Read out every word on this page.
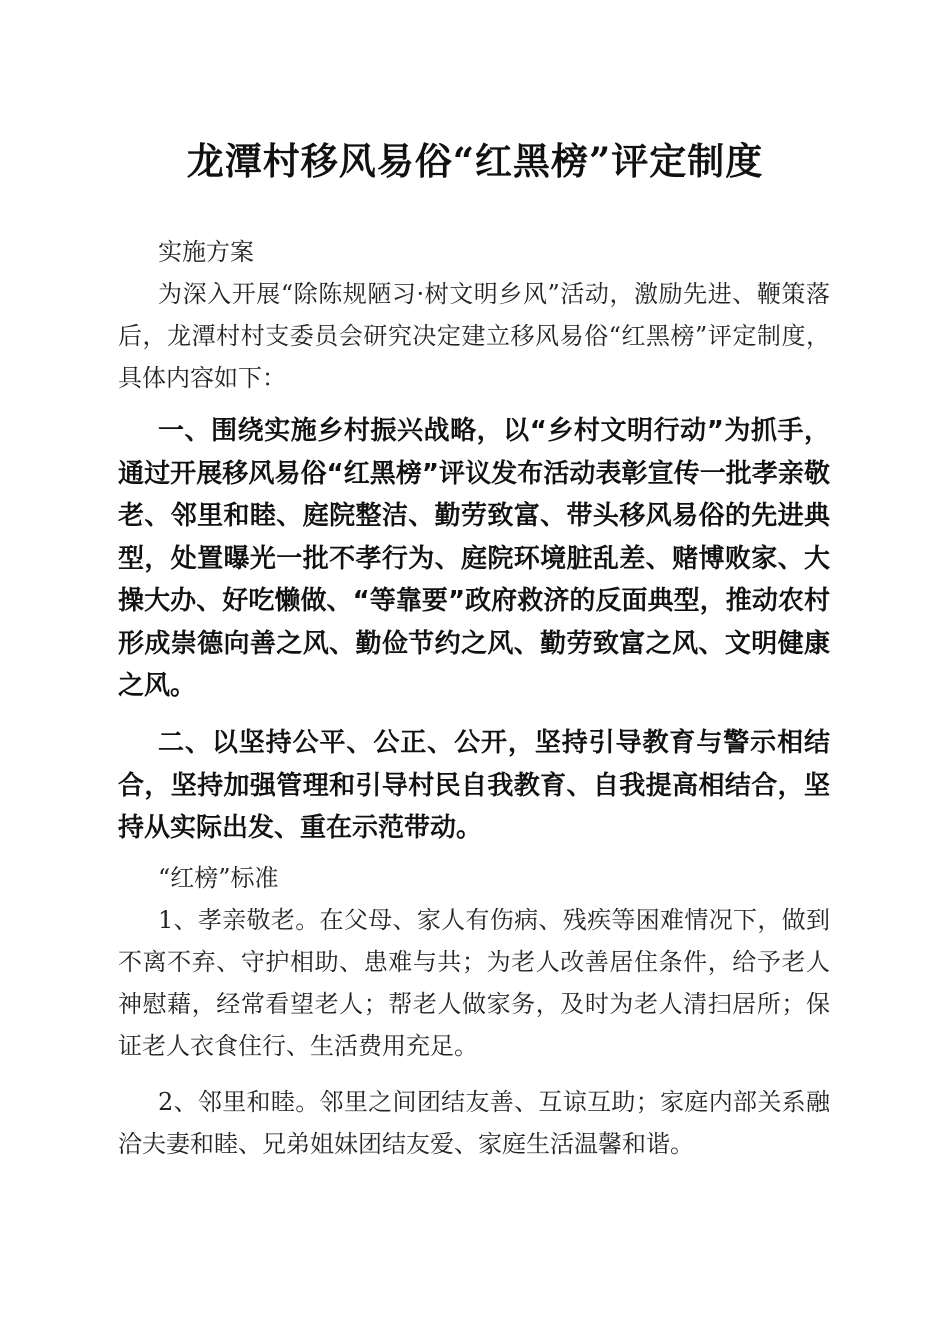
龙潭村移风易俗“红黑榜”评定制度

实施方案

为深入开展“除陈规陋习·树文明乡风”活动，激励先进、鞭策落后，龙潭村村支委员会研究决定建立移风易俗“红黑榜”评定制度，具体内容如下：

一、围绕实施乡村振兴战略，以“乡村文明行动”为抓手，通过开展移风易俗“红黑榜”评议发布活动表彰宣传一批孝亲敬老、邻里和睦、庭院整洁、勤劳致富、带头移风易俗的先进典型，处置曝光一批不孝行为、庭院环境脏乱差、赌博败家、大操大办、好吃懒做、“等靠要”政府救济的反面典型，推动农村形成崇德向善之风、勤俭节约之风、勤劳致富之风、文明健康之风。

二、以坚持公平、公正、公开，坚持引导教育与警示相结合，坚持加强管理和引导村民自我教育、自我提高相结合，坚持从实际出发、重在示范带动。

“红榜”标准

1、孝亲敬老。在父母、家人有伤病、残疾等困难情况下，做到不离不弃、守护相助、患难与共；为老人改善居住条件，给予老人神慰藉，经常看望老人；帮老人做家务，及时为老人清扫居所；保证老人衣食住行、生活费用充足。

2、邻里和睦。邻里之间团结友善、互谅互助；家庭内部关系融洽夫妻和睦、兄弟姐妹团结友爱、家庭生活温馨和谐。
